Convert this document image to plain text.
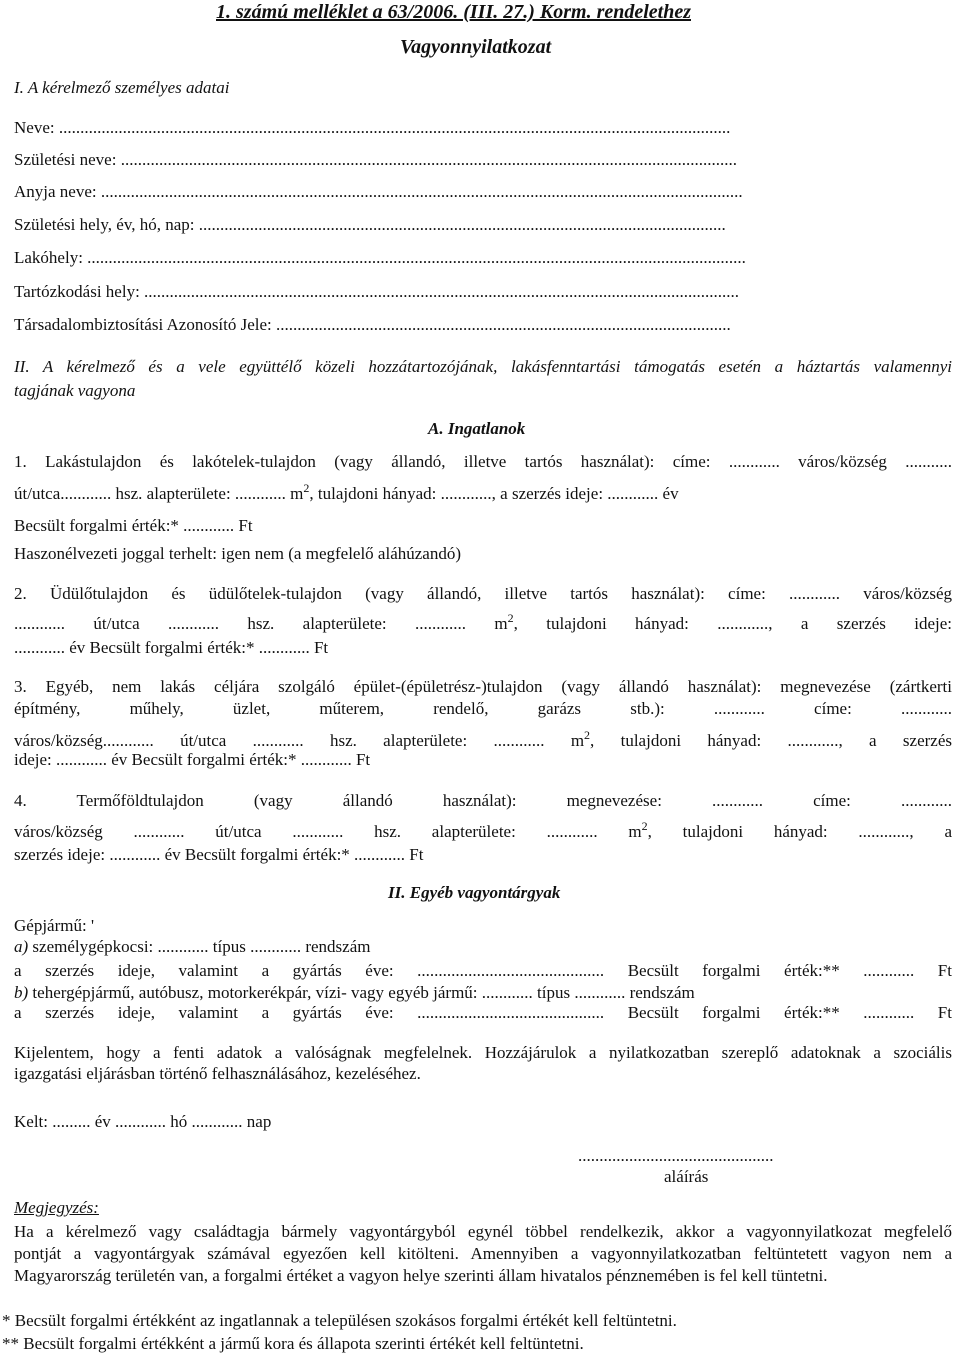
1. számú melléklet a 63/2006. (III. 27.) Korm. rendelethez
Vagyonnyilatkozat
I. A kérelmező személyes adatai
Neve: ..............................................................................................................................................................
Születési neve: .................................................................................................................................................
Anyja neve: .......................................................................................................................................................
Születési hely, év, hó, nap: ............................................................................................................................
Lakóhely: ...........................................................................................................................................................
Tartózkodási hely: ............................................................................................................................................
Társadalombiztosítási Azonosító Jele: ...........................................................................................................
II. A kérelmező és a vele együttélő közeli hozzátartozójának, lakásfenntartási támogatás esetén a háztartás valamennyi
tagjának vagyona
A. Ingatlanok
1. Lakástulajdon és lakótelek-tulajdon (vagy állandó, illetve tartós használat): címe: ............ város/község ...........
út/utca............ hsz. alapterülete: ............ $m^2$, tulajdoni hányad: ............, a szerzés ideje: ............ év
Becsült forgalmi érték:* ............ Ft
Haszonélvezeti joggal terhelt: igen nem (a megfelelő aláhúzandó)
2. Üdülőtulajdon és üdülőtelek-tulajdon (vagy állandó, illetve tartós használat): címe: ............ város/község
............ út/utca ............ hsz. alapterülete: ............ $m^2$, tulajdoni hányad: ............, a szerzés ideje:
............ év Becsült forgalmi érték:* ............ Ft
3. Egyéb, nem lakás céljára szolgáló épület-(épületrész-)tulajdon (vagy állandó használat): megnevezése (zártkerti
építmény, műhely, üzlet, műterem, rendelő, garázs stb.): ............ címe: ............
város/község............ út/utca ............ hsz. alapterülete: ............ $m^2$, tulajdoni hányad: ............, a szerzés
ideje: ............ év Becsült forgalmi érték:* ............ Ft
4. Termőföldtulajdon (vagy állandó használat): megnevezése: ............ címe: ............
város/község ............ út/utca ............ hsz. alapterülete: ............ $m^2$, tulajdoni hányad: ............, a
szerzés ideje: ............ év Becsült forgalmi érték:* ............ Ft
II. Egyéb vagyontárgyak
Gépjármű: '
a) személygépkocsi: ............ típus ............ rendszám
a szerzés ideje, valamint a gyártás éve: ............................................ Becsült forgalmi érték:** ............ Ft
b) tehergépjármű, autóbusz, motorkerékpár, vízi- vagy egyéb jármű: ............ típus ............ rendszám
a szerzés ideje, valamint a gyártás éve: ............................................ Becsült forgalmi érték:** ............ Ft
Kijelentem, hogy a fenti adatok a valóságnak megfelelnek. Hozzájárulok a nyilatkozatban szereplő adatoknak a szociális
igazgatási eljárásban történő felhasználásához, kezeléséhez.
Kelt: ......... év ............ hó ............ nap
..............................................
aláírás
Megjegyzés:
Ha a kérelmező vagy családtagja bármely vagyontárgyból egynél többel rendelkezik, akkor a vagyonnyilatkozat megfelelő
pontját a vagyontárgyak számával egyezően kell kitölteni. Amennyiben a vagyonnyilatkozatban feltüntetett vagyon nem a
Magyarország területén van, a forgalmi értéket a vagyon helye szerinti állam hivatalos pénznemében is fel kell tüntetni.
* Becsült forgalmi értékként az ingatlannak a településen szokásos forgalmi értékét kell feltüntetni.
** Becsült forgalmi értékként a jármű kora és állapota szerinti értékét kell feltüntetni.
